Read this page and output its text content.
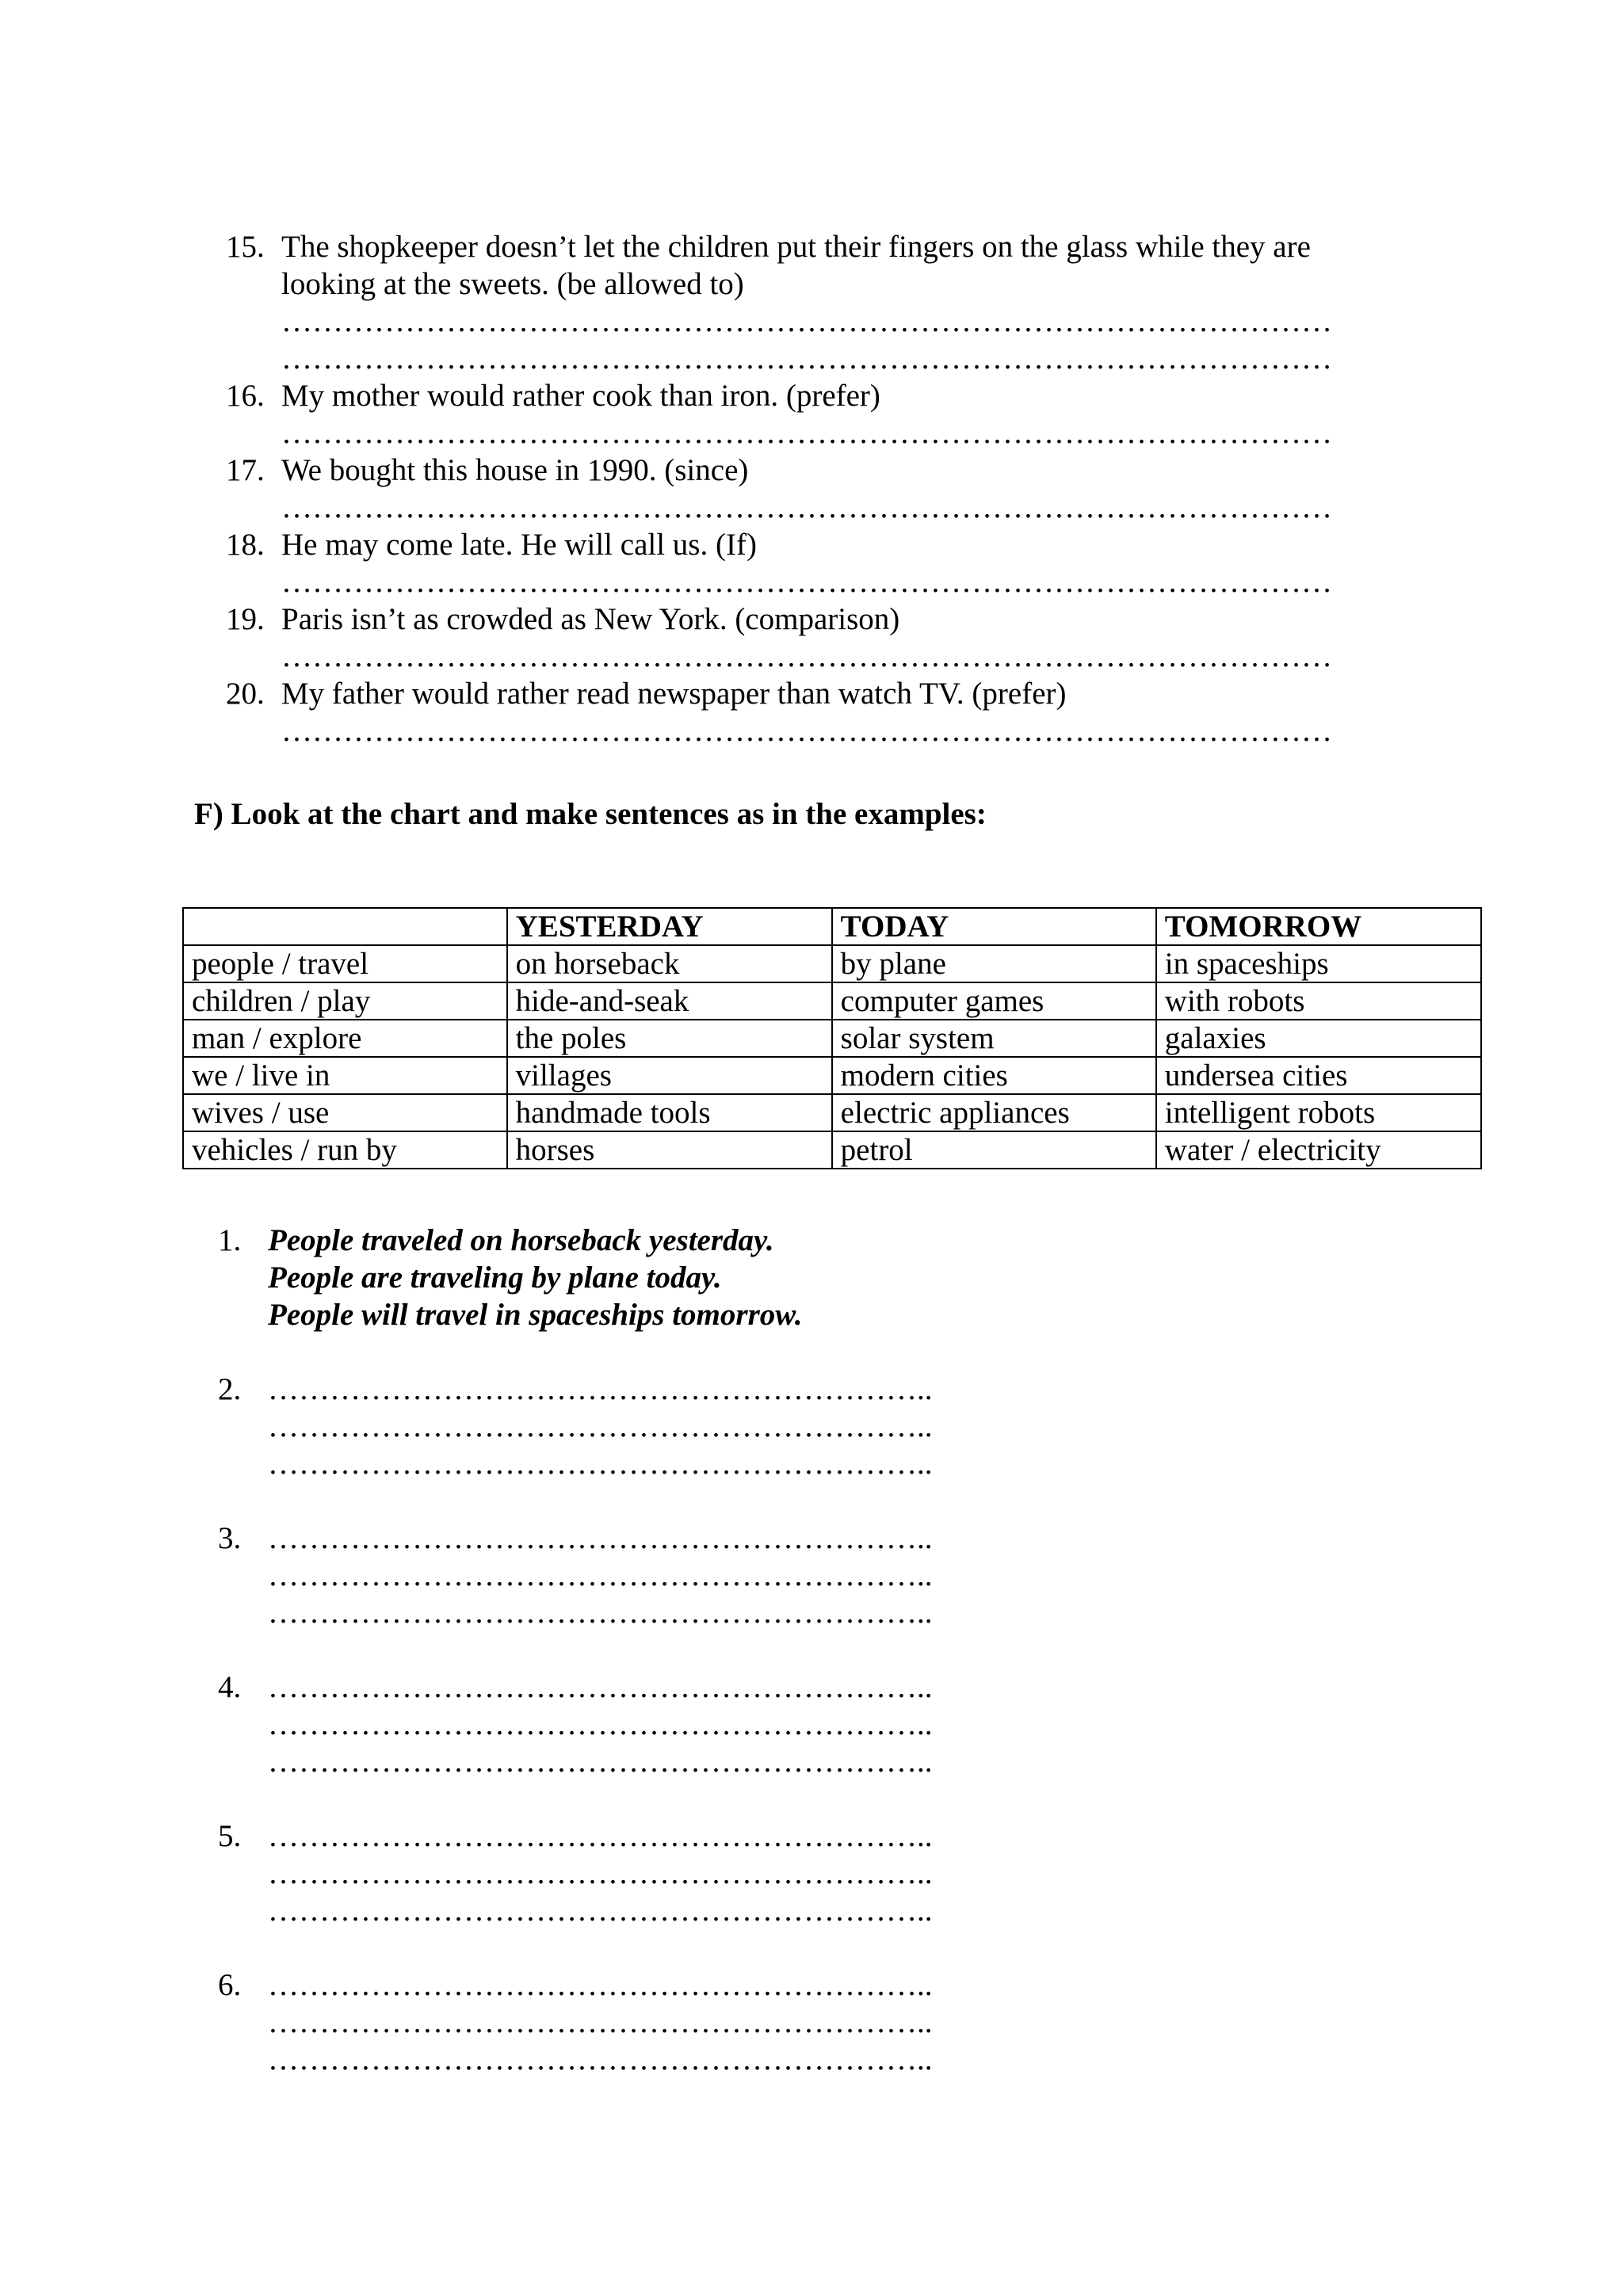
15. The shopkeeper doesn’t let the children put their fingers on the glass while they are
looking at the sweets. (be allowed to)
…………………………………………………………………………………………
…………………………………………………………………………………………
16. My mother would rather cook than iron. (prefer)
…………………………………………………………………………………………
17. We bought this house in 1990. (since)
…………………………………………………………………………………………
18. He may come late. He will call us. (If)
…………………………………………………………………………………………
19. Paris isn’t as crowded as New York. (comparison)
…………………………………………………………………………………………
20. My father would rather read newspaper than watch TV. (prefer)
…………………………………………………………………………………………
F) Look at the chart and make sentences as in the examples:
	YESTERDAY	TODAY	TOMORROW
people / travel	on horseback	by plane	in spaceships
children / play	hide-and-seak	computer games	with robots
man / explore	the poles	solar system	galaxies
we / live in	villages	modern cities	undersea cities
wives / use	handmade tools	electric appliances	intelligent robots
vehicles / run by	horses	petrol	water / electricity
1. People traveled on horseback yesterday.
People are traveling by plane today.
People will travel in spaceships tomorrow.
2. ………………………………………………………..
………………………………………………………..
………………………………………………………..
3. ………………………………………………………..
………………………………………………………..
………………………………………………………..
4. ………………………………………………………..
………………………………………………………..
………………………………………………………..
5. ………………………………………………………..
………………………………………………………..
………………………………………………………..
6. ………………………………………………………..
………………………………………………………..
………………………………………………………..
